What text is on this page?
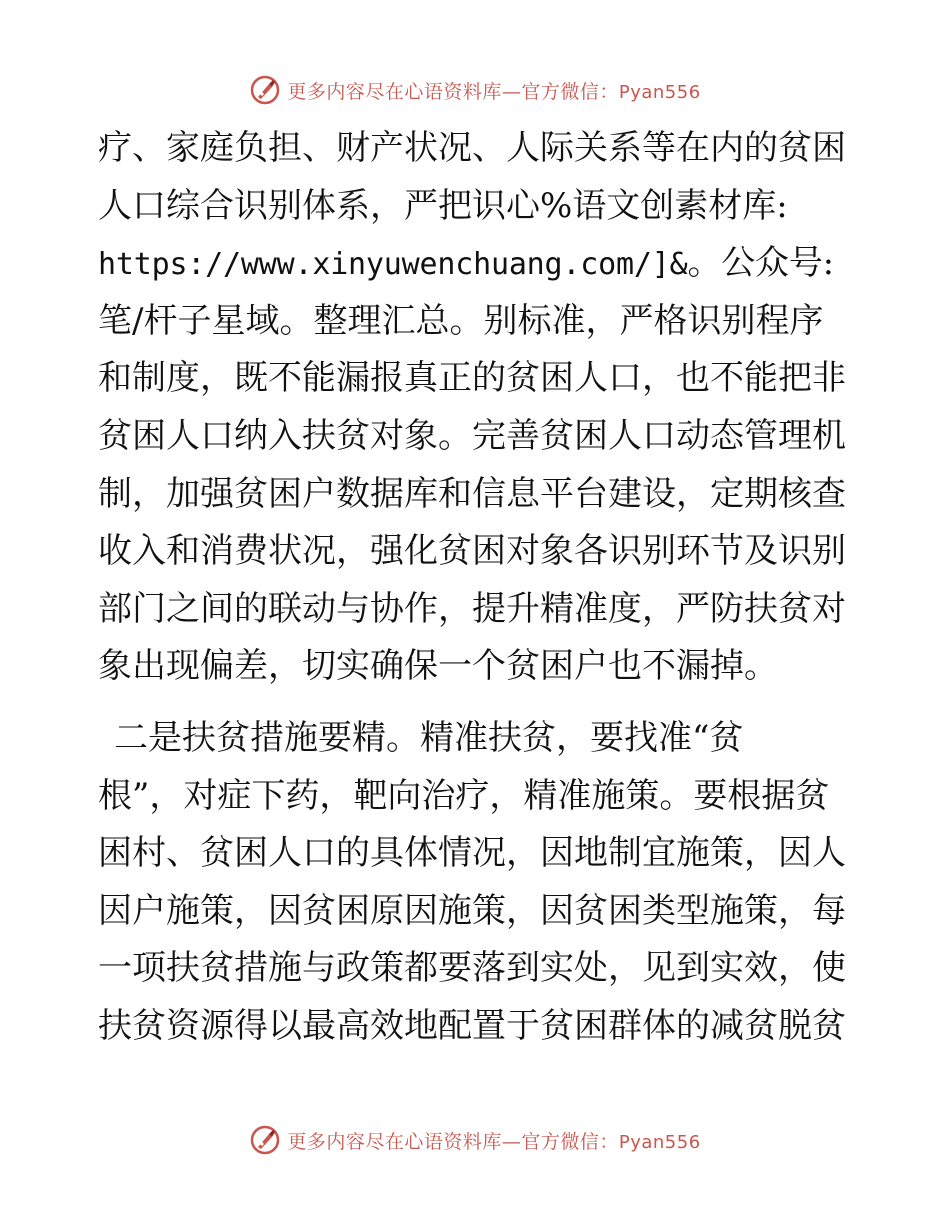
更多内容尽在心语资料库—官方微信：Pyan556
疗、家庭负担、财产状况、人际关系等在内的贫困
人口综合识别体系，严把识心%语文创素材库:
https://www.xinyuwenchuang.com/]&。公众号:
笔/杆子星域。整理汇总。别标准，严格识别程序
和制度，既不能漏报真正的贫困人口，也不能把非
贫困人口纳入扶贫对象。完善贫困人口动态管理机
制，加强贫困户数据库和信息平台建设，定期核查
收入和消费状况，强化贫困对象各识别环节及识别
部门之间的联动与协作，提升精准度，严防扶贫对
象出现偏差，切实确保一个贫困户也不漏掉。
二是扶贫措施要精。精准扶贫，要找准“贫
根”，对症下药，靶向治疗，精准施策。要根据贫
困村、贫困人口的具体情况，因地制宜施策，因人
因户施策，因贫困原因施策，因贫困类型施策，每
一项扶贫措施与政策都要落到实处，见到实效，使
扶贫资源得以最高效地配置于贫困群体的减贫脱贫
更多内容尽在心语资料库—官方微信：Pyan556
